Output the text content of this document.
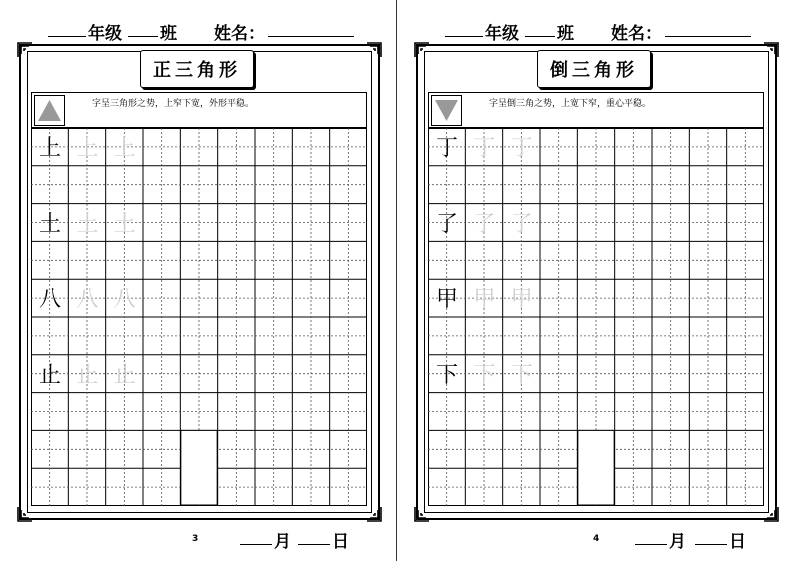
年级 班 姓名：
正三角形
字呈三角形之势，上窄下宽，外形平稳。
上 上 上
土 土 土
八 八 八
止 止 止
3	月 日
年级 班 姓名：
倒三角形
字呈倒三角之势，上宽下窄，重心平稳。
丁 丁 丁
了 了 了
甲 甲 甲
下 下 下
4	月	日
